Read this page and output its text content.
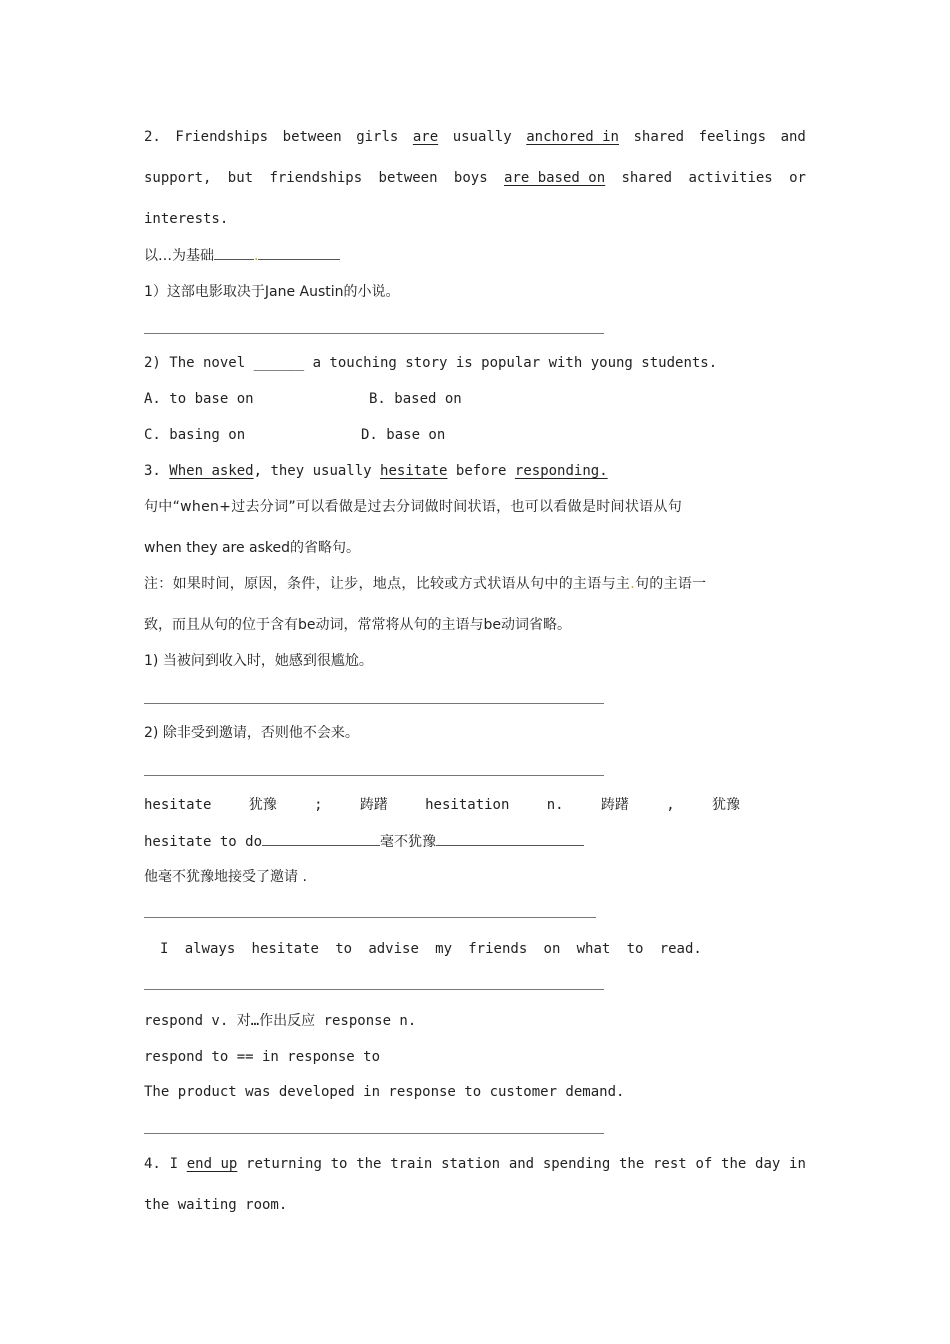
2. Friendships between girls are usually anchored in shared feelings and
support, but friendships between boys are based on shared activities or
interests.
以…为基础	.
1）这部电影取决于Jane Austin的小说。
2) The novel ______ a touching story is popular with young students.
A. to base on	B. based on
C. basing on	D. base on
3. When asked, they usually hesitate before responding.
句中“when+过去分词”可以看做是过去分词做时间状语，也可以看做是时间状语从句
when they are asked的省略句。
注：如果时间，原因，条件，让步，地点，比较或方式状语从句中的主语与主.句的主语一
致，而且从句的位于含有be动词，常常将从句的主语与be动词省略。
1) 当被问到收入时，她感到很尴尬。
2) 除非受到邀请，否则他不会来。
hesitate	犹豫	;	踌躇	hesitation	n.	踌躇	,	犹豫
hesitate to do	毫不犹豫
他毫不犹豫地接受了邀请 .
I always hesitate to advise my friends on what to read.
respond v. 对…作出反应 response n.
respond to == in response to
The product was developed in response to customer demand.
4. I end up returning to the train station and spending the rest of the day in
the waiting room.
